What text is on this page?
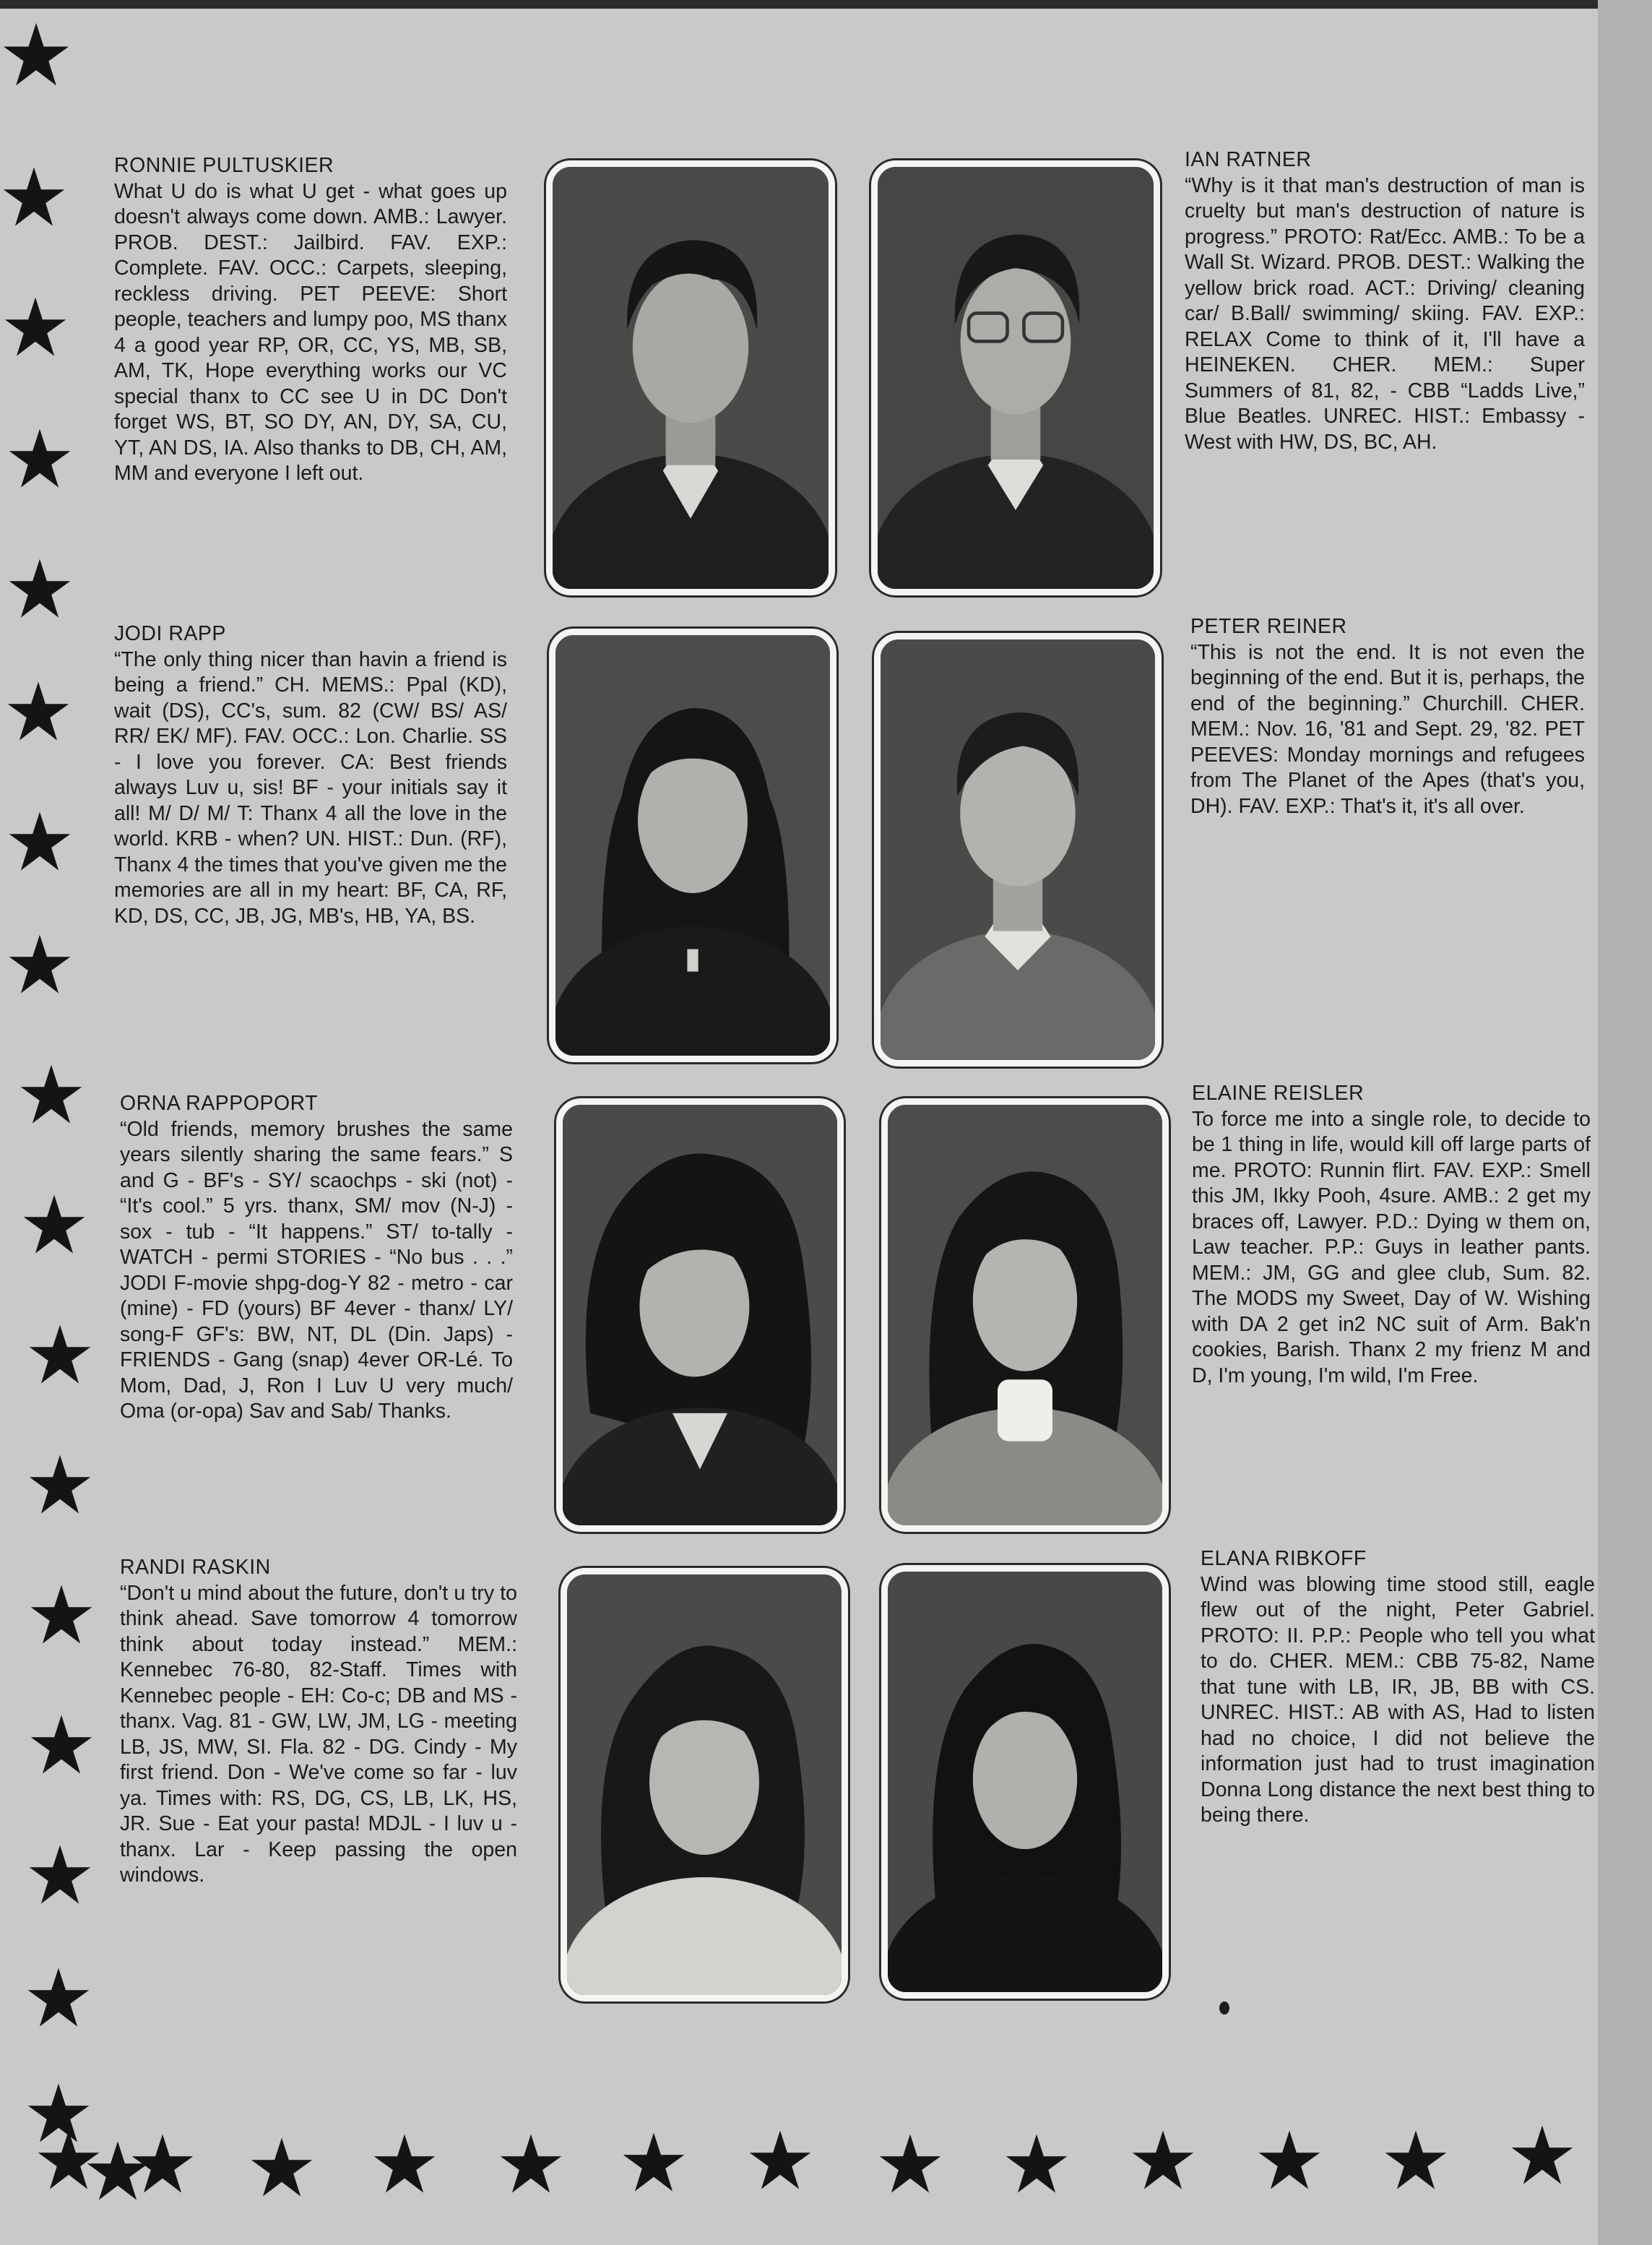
RONNIE PULTUSKIER
What U do is what U get - what goes up doesn't always come down. AMB.: Lawyer. PROB. DEST.: Jailbird. FAV. EXP.: Complete. FAV. OCC.: Carpets, sleeping, reckless driving. PET PEEVE: Short people, teachers and lumpy poo, MS thanx 4 a good year RP, OR, CC, YS, MB, SB, AM, TK, Hope everything works our VC special thanx to CC see U in DC Don't forget WS, BT, SO DY, AN, DY, SA, CU, YT, AN DS, IA. Also thanks to DB, CH, AM, MM and everyone I left out.
IAN RATNER
“Why is it that man's destruction of man is cruelty but man's destruction of nature is progress.” PROTO: Rat/Ecc. AMB.: To be a Wall St. Wizard. PROB. DEST.: Walking the yellow brick road. ACT.: Driving/ cleaning car/ B.Ball/ swimming/ skiing. FAV. EXP.: RELAX Come to think of it, I'll have a HEINEKEN. CHER. MEM.: Super Summers of 81, 82, - CBB “Ladds Live,” Blue Beatles. UNREC. HIST.: Embassy - West with HW, DS, BC, AH.
JODI RAPP
“The only thing nicer than havin a friend is being a friend.” CH. MEMS.: Ppal (KD), wait (DS), CC's, sum. 82 (CW/ BS/ AS/ RR/ EK/ MF). FAV. OCC.: Lon. Charlie. SS - I love you forever. CA: Best friends always Luv u, sis! BF - your initials say it all! M/ D/ M/ T: Thanx 4 all the love in the world. KRB - when? UN. HIST.: Dun. (RF), Thanx 4 the times that you've given me the memories are all in my heart: BF, CA, RF, KD, DS, CC, JB, JG, MB's, HB, YA, BS.
PETER REINER
“This is not the end. It is not even the beginning of the end. But it is, perhaps, the end of the beginning.” Churchill. CHER. MEM.: Nov. 16, '81 and Sept. 29, '82. PET PEEVES: Monday mornings and refugees from The Planet of the Apes (that's you, DH). FAV. EXP.: That's it, it's all over.
ORNA RAPPOPORT
“Old friends, memory brushes the same years silently sharing the same fears.” S and G - BF's - SY/ scaochps - ski (not) - “It's cool.” 5 yrs. thanx, SM/ mov (N-J) - sox - tub - “It happens.” ST/ to-tally - WATCH - permi STORIES - “No bus . . .” JODI F-movie shpg-dog-Y 82 - metro - car (mine) - FD (yours) BF 4ever - thanx/ LY/ song-F GF's: BW, NT, DL (Din. Japs) - FRIENDS - Gang (snap) 4ever OR-Lé. To Mom, Dad, J, Ron I Luv U very much/ Oma (or-opa) Sav and Sab/ Thanks.
ELAINE REISLER
To force me into a single role, to decide to be 1 thing in life, would kill off large parts of me. PROTO: Runnin flirt. FAV. EXP.: Smell this JM, Ikky Pooh, 4sure. AMB.: 2 get my braces off, Lawyer. P.D.: Dying w them on, Law teacher. P.P.: Guys in leather pants. MEM.: JM, GG and glee club, Sum. 82. The MODS my Sweet, Day of W. Wishing with DA 2 get in2 NC suit of Arm. Bak'n cookies, Barish. Thanx 2 my frienz M and D, I'm young, I'm wild, I'm Free.
RANDI RASKIN
“Don't u mind about the future, don't u try to think ahead. Save tomorrow 4 tomorrow think about today instead.” MEM.: Kennebec 76-80, 82-Staff. Times with Kennebec people - EH: Co-c; DB and MS - thanx. Vag. 81 - GW, LW, JM, LG - meeting LB, JS, MW, SI. Fla. 82 - DG. Cindy - My first friend. Don - We've come so far - luv ya. Times with: RS, DG, CS, LB, LK, HS, JR. Sue - Eat your pasta! MDJL - I luv u - thanx. Lar - Keep passing the open windows.
ELANA RIBKOFF
Wind was blowing time stood still, eagle flew out of the night, Peter Gabriel. PROTO: II. P.P.: People who tell you what to do. CHER. MEM.: CBB 75-82, Name that tune with LB, IR, JB, BB with CS. UNREC. HIST.: AB with AS, Had to listen had no choice, I did not believe the information just had to trust imagination Donna Long distance the next best thing to being there.
